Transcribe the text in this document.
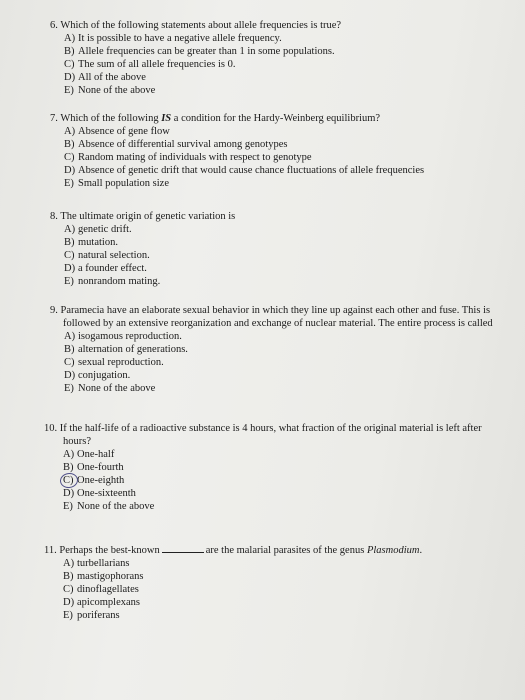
6. Which of the following statements about allele frequencies is true?
A) It is possible to have a negative allele frequency.
B) Allele frequencies can be greater than 1 in some populations.
C) The sum of all allele frequencies is 0.
D) All of the above
E) None of the above
7. Which of the following IS a condition for the Hardy-Weinberg equilibrium?
A) Absence of gene flow
B) Absence of differential survival among genotypes
C) Random mating of individuals with respect to genotype
D) Absence of genetic drift that would cause chance fluctuations of allele frequencies
E) Small population size
8. The ultimate origin of genetic variation is
A) genetic drift.
B) mutation.
C) natural selection.
D) a founder effect.
E) nonrandom mating.
9. Paramecia have an elaborate sexual behavior in which they line up against each other and fuse. This is
followed by an extensive reorganization and exchange of nuclear material. The entire process is called
A) isogamous reproduction.
B) alternation of generations.
C) sexual reproduction.
D) conjugation.
E) None of the above
10. If the half-life of a radioactive substance is 4 hours, what fraction of the original material is left after
hours?
A) One-half
B) One-fourth
C) One-eighth
D) One-sixteenth
E) None of the above
11. Perhaps the best-known	are the malarial parasites of the genus Plasmodium.
A) turbellarians
B) mastigophorans
C) dinoflagellates
D) apicomplexans
E) poriferans
